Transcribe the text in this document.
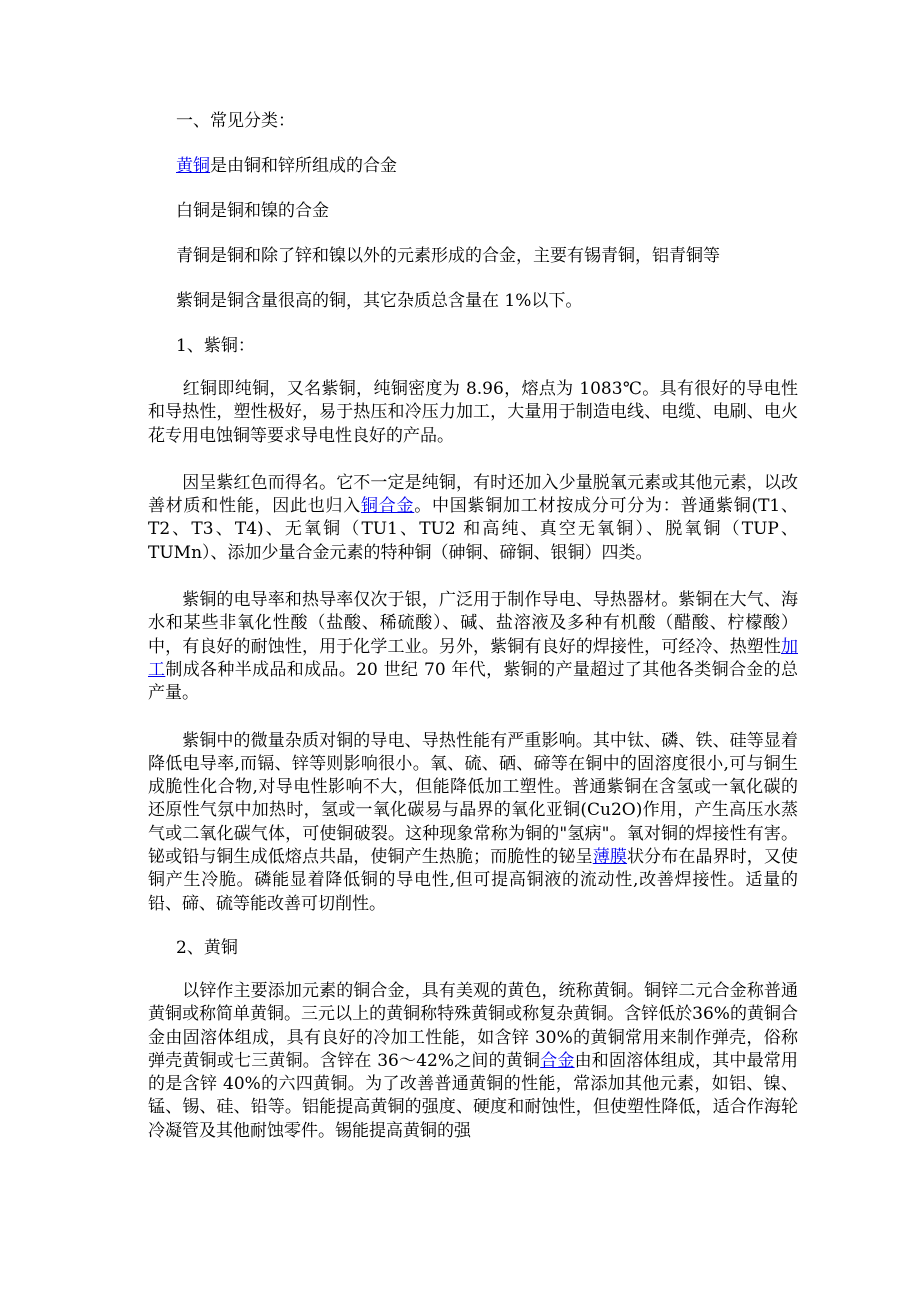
一、常见分类：

黄铜是由铜和锌所组成的合金

白铜是铜和镍的合金

青铜是铜和除了锌和镍以外的元素形成的合金，主要有锡青铜，铝青铜等

紫铜是铜含量很高的铜，其它杂质总含量在 1%以下。

1、紫铜：

　　红铜即纯铜，又名紫铜，纯铜密度为 8.96，熔点为 1083℃。具有很好的导电性和导热性，塑性极好，易于热压和冷压力加工，大量用于制造电线、电缆、电刷、电火花专用电蚀铜等要求导电性良好的产品。

　　因呈紫红色而得名。它不一定是纯铜，有时还加入少量脱氧元素或其他元素，以改善材质和性能，因此也归入铜合金。中国紫铜加工材按成分可分为：普通紫铜(T1、T2、T3、T4)、无氧铜（TU1、TU2 和高纯、真空无氧铜）、脱氧铜（TUP、TUMn）、添加少量合金元素的特种铜（砷铜、碲铜、银铜）四类。

　　紫铜的电导率和热导率仅次于银，广泛用于制作导电、导热器材。紫铜在大气、海水和某些非氧化性酸（盐酸、稀硫酸）、碱、盐溶液及多种有机酸（醋酸、柠檬酸）中，有良好的耐蚀性，用于化学工业。另外，紫铜有良好的焊接性，可经冷、热塑性加工制成各种半成品和成品。20 世纪 70 年代，紫铜的产量超过了其他各类铜合金的总产量。

　　紫铜中的微量杂质对铜的导电、导热性能有严重影响。其中钛、磷、铁、硅等显着降低电导率,而镉、锌等则影响很小。氧、硫、硒、碲等在铜中的固溶度很小,可与铜生成脆性化合物,对导电性影响不大，但能降低加工塑性。普通紫铜在含氢或一氧化碳的还原性气氛中加热时，氢或一氧化碳易与晶界的氧化亚铜(Cu2O)作用，产生高压水蒸气或二氧化碳气体，可使铜破裂。这种现象常称为铜的"氢病"。氧对铜的焊接性有害。铋或铅与铜生成低熔点共晶，使铜产生热脆；而脆性的铋呈薄膜状分布在晶界时，又使铜产生冷脆。磷能显着降低铜的导电性,但可提高铜液的流动性,改善焊接性。适量的铅、碲、硫等能改善可切削性。

2、黄铜

　　以锌作主要添加元素的铜合金，具有美观的黄色，统称黄铜。铜锌二元合金称普通黄铜或称简单黄铜。三元以上的黄铜称特殊黄铜或称复杂黄铜。含锌低於36%的黄铜合金由固溶体组成，具有良好的冷加工性能，如含锌 30%的黄铜常用来制作弹壳，俗称弹壳黄铜或七三黄铜。含锌在 36～42%之间的黄铜合金由和固溶体组成，其中最常用的是含锌 40%的六四黄铜。为了改善普通黄铜的性能，常添加其他元素，如铝、镍、锰、锡、硅、铅等。铝能提高黄铜的强度、硬度和耐蚀性，但使塑性降低，适合作海轮冷凝管及其他耐蚀零件。锡能提高黄铜的强
